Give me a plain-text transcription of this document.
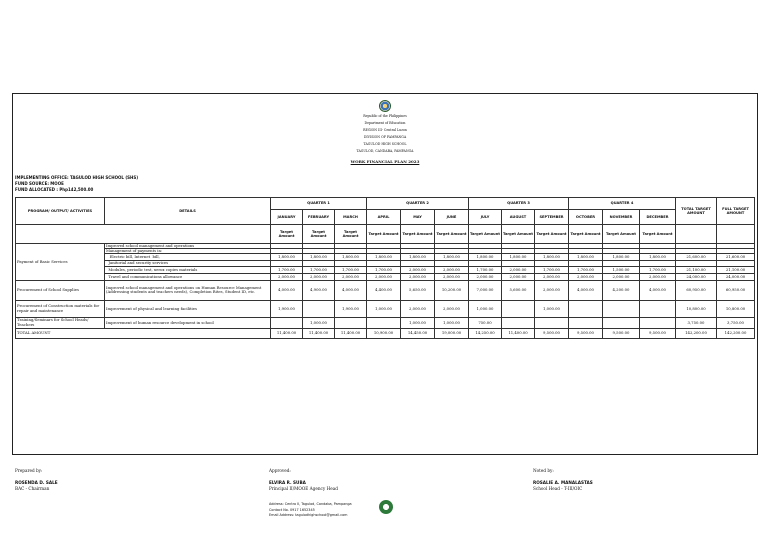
Republic of the Philippines
Department of Education
REGION III- Central Luzon
DIVISION OF PAMPANGA
TAGULOD HIGH SCHOOL
TAGULOD, CANDABA, PAMPANGA
WORK FINANCIAL PLAN 2023
IMPLEMENTING OFFICE: TAGULOD HIGH SCHOOL (SHS)
FUND SOURCE: MOOE
FUND ALLOCATED : Php142,500.00
PROGRAM/ OUTPUT/ ACTIVITIES	DETAILS	QUARTER 1			QUARTER 2			QUARTER 3			QUARTER 4			TOTAL TARGET AMOUNT	FULL TARGET AMOUNT
		JANUARY	FEBRUARY	MARCH	APRIL	MAY	JUNE	JULY	AUGUST	SEPTEMBER	OCTOBER	NOVEMBER	DECEMBER		
		Target Amount	Target Amount	Target Amount	Target Amount	Target Amount	Target Amount	Target Amount	Target Amount	Target Amount	Target Amount	Target Amount	Target Amount		
Payment of Basic Services	Improved school management and operations														
	Management of payments in:														
	Electric bill, Internet  bill,	1,800.00	1,800.00	1,800.00	1,800.00	1,800.00	1,800.00	1,800.00	1,800.00	1,800.00	1,800.00	1,800.00	1,800.00	21,600.00	21,600.00
	Janitorial and security services														
	Modules, periodic test, xerox copies materials	1,700.00	1,700.00	1,700.00	1,700.00	2,000.00	2,000.00	1,700.00	2,000.00	1,700.00	1,700.00	1,500.00	1,700.00	21,100.00	21,100.00
	Travel and communications allowance	2,000.00	2,000.00	2,000.00	2,000.00	2,000.00	2,000.00	2,000.00	2,000.00	2,000.00	2,000.00	2,000.00	2,000.00	24,000.00	24,000.00
Procurement of School Supplies	Improved school management and operations on Human Resource Management (Addressing students and teachers needs), Completion Rites, Student ID, etc.	4,000.00	4,900.00	4,000.00	4,400.00	5,650.00	10,200.00	7,000.00	5,600.00	2,000.00	4,000.00	4,200.00	4,000.00	60,950.00	60,950.00
Procurement of Construction materials for repair and maintenance	Improvement of physical and learning facilities	1,900.00		1,900.00	1,000.00	2,000.00	2,000.00	1,000.00		1,000.00				10,800.00	10,800.00
Training/Seminars for School Heads/ Teachers	Improvement of human resource development in school		1,000.00			1,000.00	1,000.00	750.00						3,750.00	3,750.00
TOTAL AMOUNT		11,400.00	11,400.00	11,400.00	10,900.00	14,450.00	19,000.00	14,250.00	11,400.00	9,500.00	9,500.00	9,500.00	9,500.00	142,200.00	142,200.00
Prepared by:

ROSENDA D. SALE
BAC - Chairman
Approved:

ELVIRA R. SUBA
Principal II/MOOE Agency Head
Noted by:

ROSALIE A. MANALASTAS
School Head - T-III/OIC
Address: Centro II, Tagulod, Candaba, Pampanga
Contact No. 0917 1652345
Email Address: tagulodhighschool@gmail.com
